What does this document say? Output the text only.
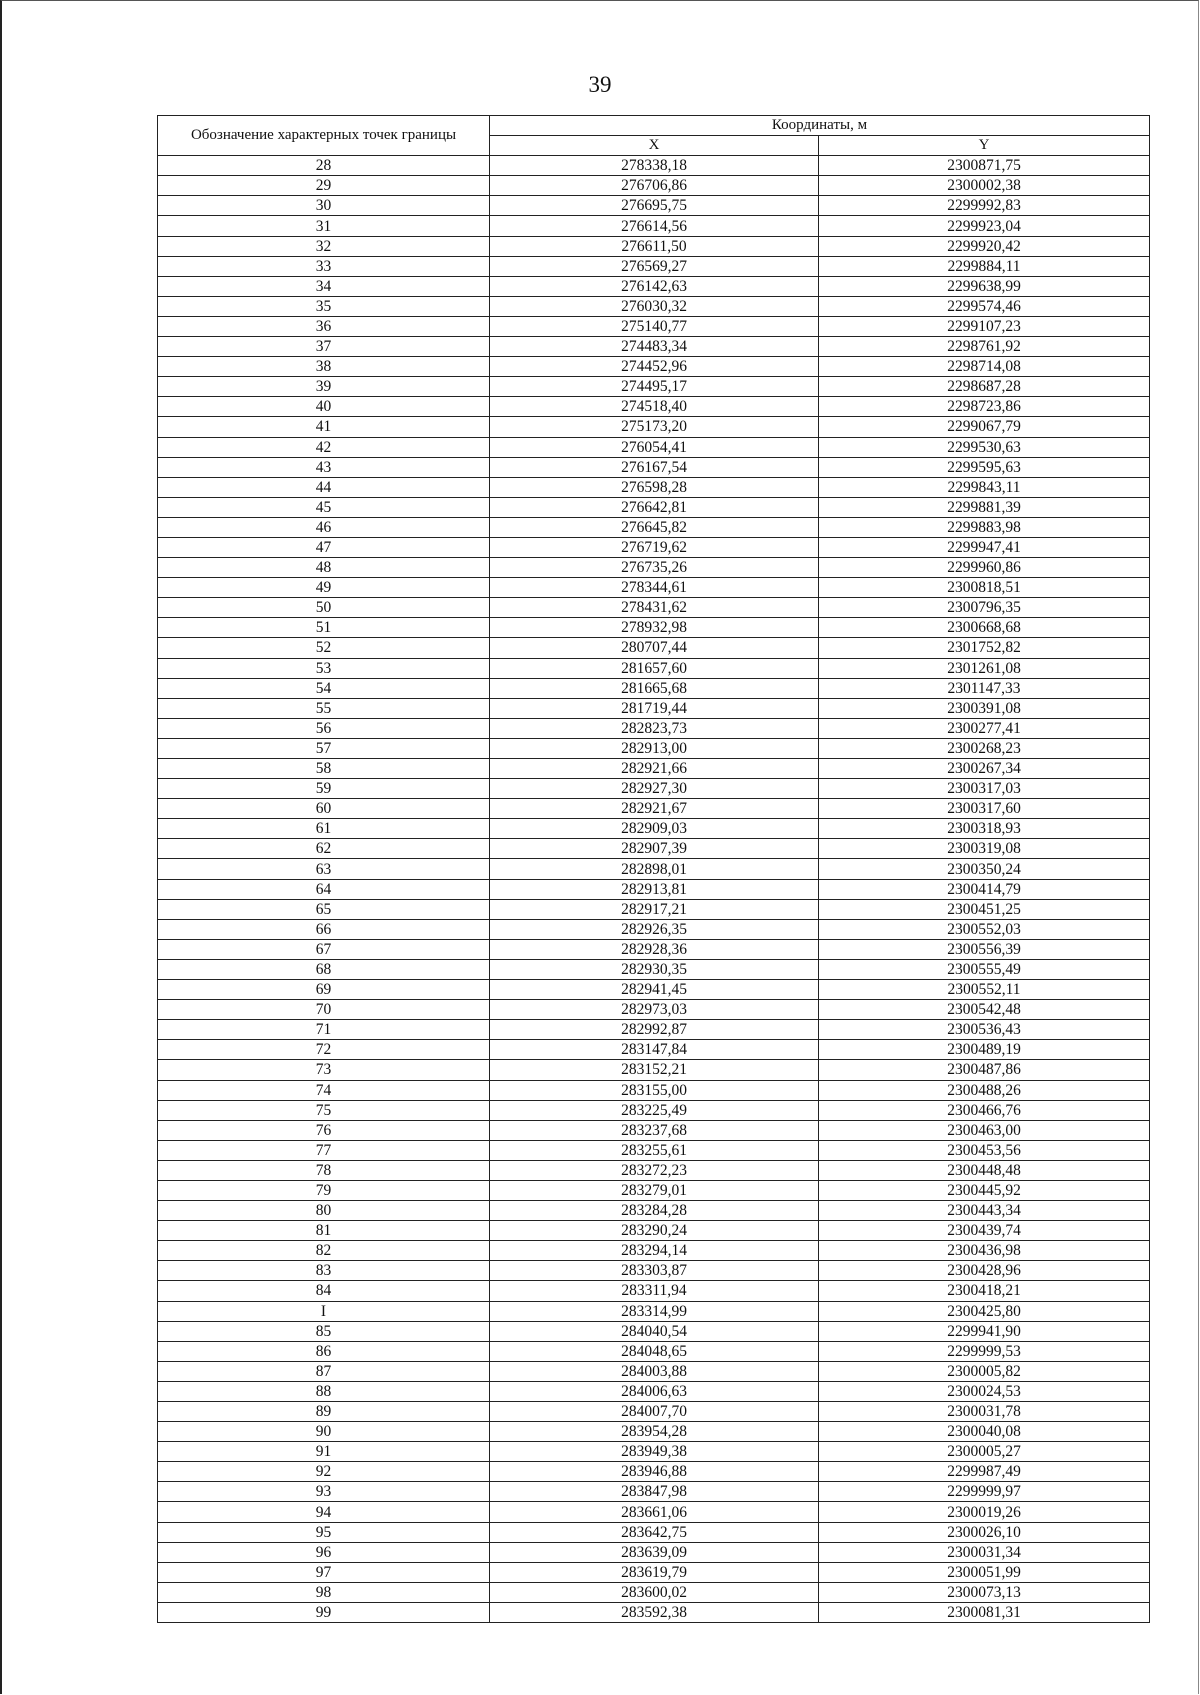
39
Обозначение характерных точек границы	Координаты, м	
	X	Y
28	278338,18	2300871,75
29	276706,86	2300002,38
30	276695,75	2299992,83
31	276614,56	2299923,04
32	276611,50	2299920,42
33	276569,27	2299884,11
34	276142,63	2299638,99
35	276030,32	2299574,46
36	275140,77	2299107,23
37	274483,34	2298761,92
38	274452,96	2298714,08
39	274495,17	2298687,28
40	274518,40	2298723,86
41	275173,20	2299067,79
42	276054,41	2299530,63
43	276167,54	2299595,63
44	276598,28	2299843,11
45	276642,81	2299881,39
46	276645,82	2299883,98
47	276719,62	2299947,41
48	276735,26	2299960,86
49	278344,61	2300818,51
50	278431,62	2300796,35
51	278932,98	2300668,68
52	280707,44	2301752,82
53	281657,60	2301261,08
54	281665,68	2301147,33
55	281719,44	2300391,08
56	282823,73	2300277,41
57	282913,00	2300268,23
58	282921,66	2300267,34
59	282927,30	2300317,03
60	282921,67	2300317,60
61	282909,03	2300318,93
62	282907,39	2300319,08
63	282898,01	2300350,24
64	282913,81	2300414,79
65	282917,21	2300451,25
66	282926,35	2300552,03
67	282928,36	2300556,39
68	282930,35	2300555,49
69	282941,45	2300552,11
70	282973,03	2300542,48
71	282992,87	2300536,43
72	283147,84	2300489,19
73	283152,21	2300487,86
74	283155,00	2300488,26
75	283225,49	2300466,76
76	283237,68	2300463,00
77	283255,61	2300453,56
78	283272,23	2300448,48
79	283279,01	2300445,92
80	283284,28	2300443,34
81	283290,24	2300439,74
82	283294,14	2300436,98
83	283303,87	2300428,96
84	283311,94	2300418,21
I	283314,99	2300425,80
85	284040,54	2299941,90
86	284048,65	2299999,53
87	284003,88	2300005,82
88	284006,63	2300024,53
89	284007,70	2300031,78
90	283954,28	2300040,08
91	283949,38	2300005,27
92	283946,88	2299987,49
93	283847,98	2299999,97
94	283661,06	2300019,26
95	283642,75	2300026,10
96	283639,09	2300031,34
97	283619,79	2300051,99
98	283600,02	2300073,13
99	283592,38	2300081,31
